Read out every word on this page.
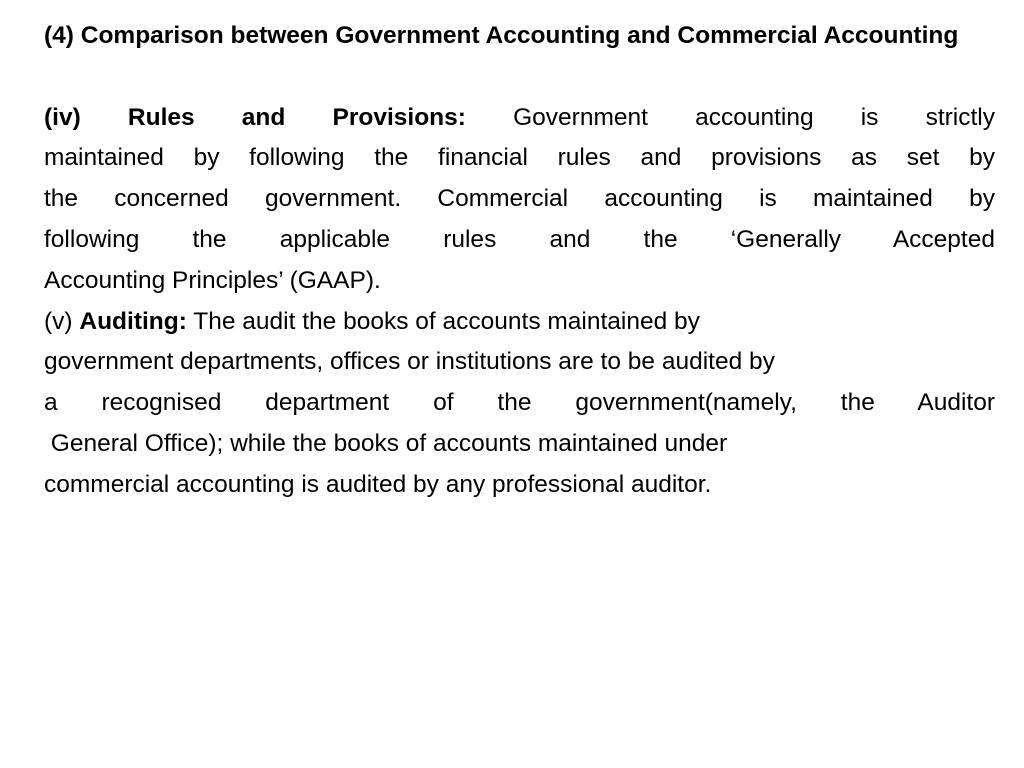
(4) Comparison between Government Accounting and Commercial Accounting

(iv) Rules and Provisions: Government accounting is strictly
maintained by following the financial rules and provisions as set by
the concerned government. Commercial accounting is maintained by
following the applicable rules and the ‘Generally Accepted
Accounting Principles’ (GAAP).
(v) Auditing: The audit the books of accounts maintained by
government departments, offices or institutions are to be audited by
a recognised department of the government(namely, the Auditor
General Office); while the books of accounts maintained under
commercial accounting is audited by any professional auditor.
